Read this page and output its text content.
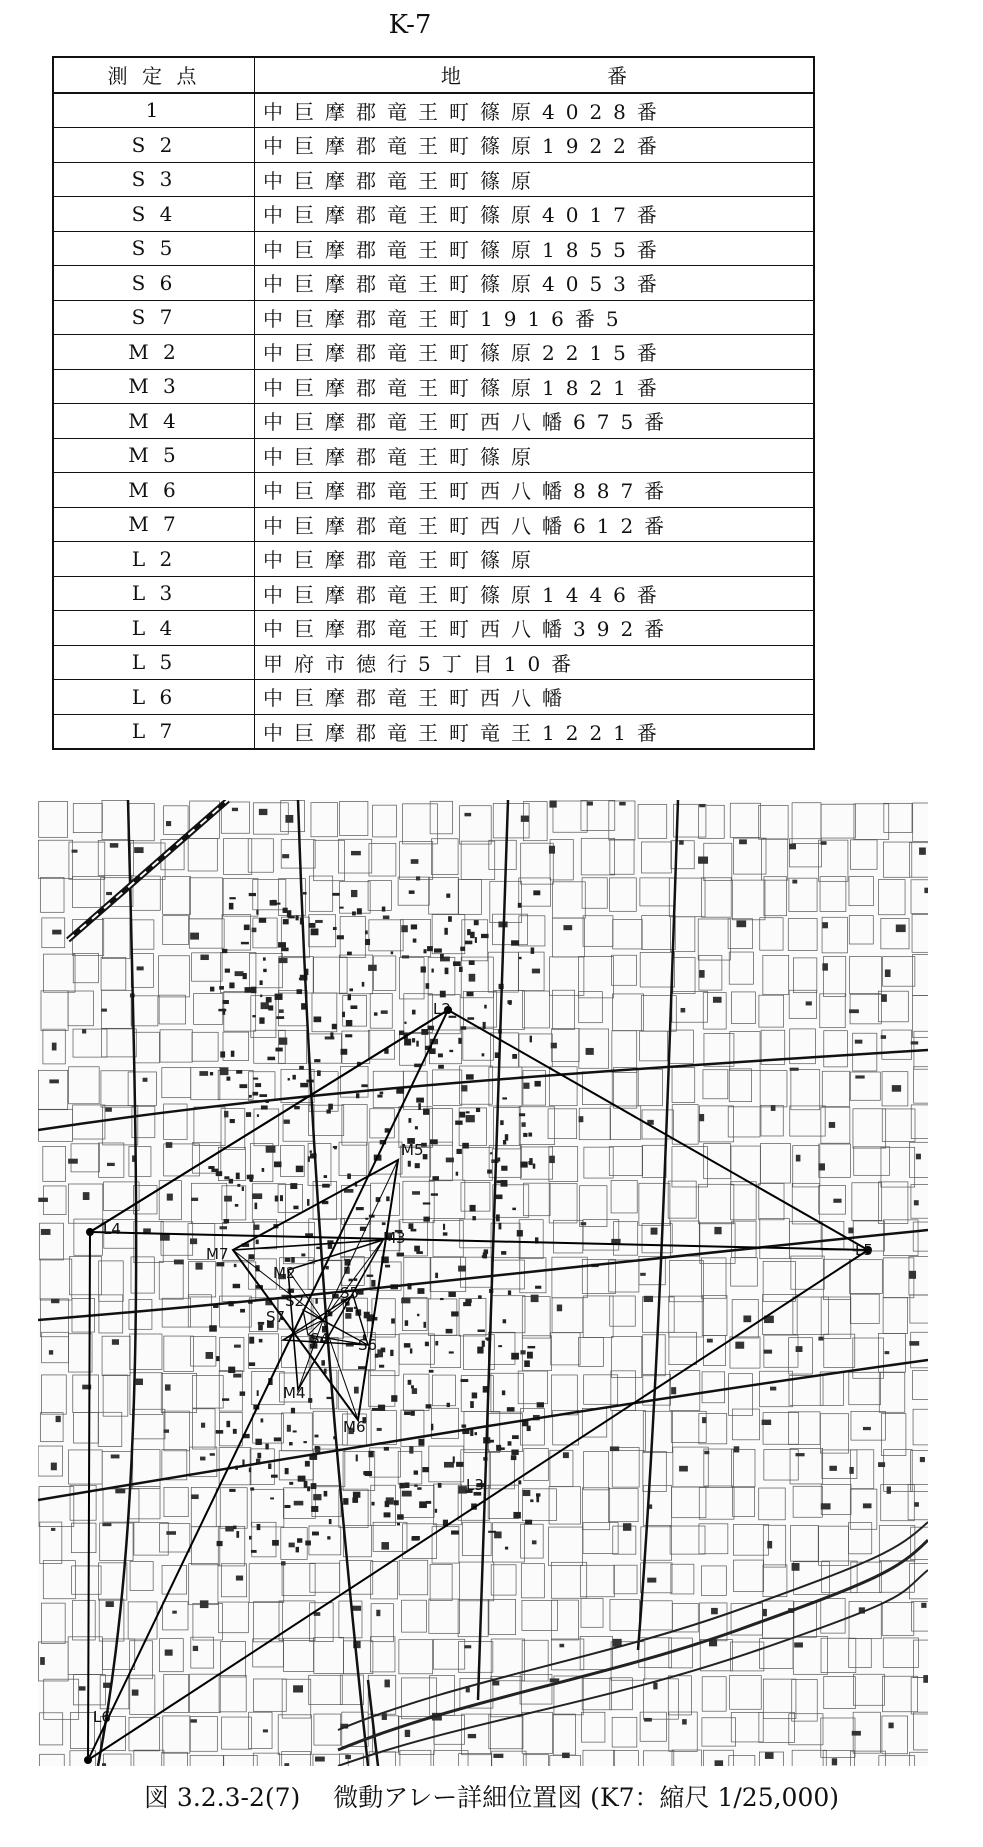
K-7
測 定 点	地 番
1	中巨摩郡竜王町篠原4028番
S 2	中巨摩郡竜王町篠原1922番
S 3	中巨摩郡竜王町篠原
S 4	中巨摩郡竜王町篠原4017番
S 5	中巨摩郡竜王町篠原1855番
S 6	中巨摩郡竜王町篠原4053番
S 7	中巨摩郡竜王町1916番5
M 2	中巨摩郡竜王町篠原2215番
M 3	中巨摩郡竜王町篠原1821番
M 4	中巨摩郡竜王町西八幡675番
M 5	中巨摩郡竜王町篠原
M 6	中巨摩郡竜王町西八幡887番
M 7	中巨摩郡竜王町西八幡612番
L 2	中巨摩郡竜王町篠原
L 3	中巨摩郡竜王町篠原1446番
L 4	中巨摩郡竜王町西八幡392番
L 5	甲府市徳行5丁目10番
L 6	中巨摩郡竜王町西八幡
L 7	中巨摩郡竜王町竜王1221番
L2
L4
L5
L6
L3
M2
M3
M4
M5
M6
M7
S2
S4
S5
S6
S7
図 3.2.3-2(7)　 微動アレー詳細位置図 (K7：縮尺 1/25,000)
